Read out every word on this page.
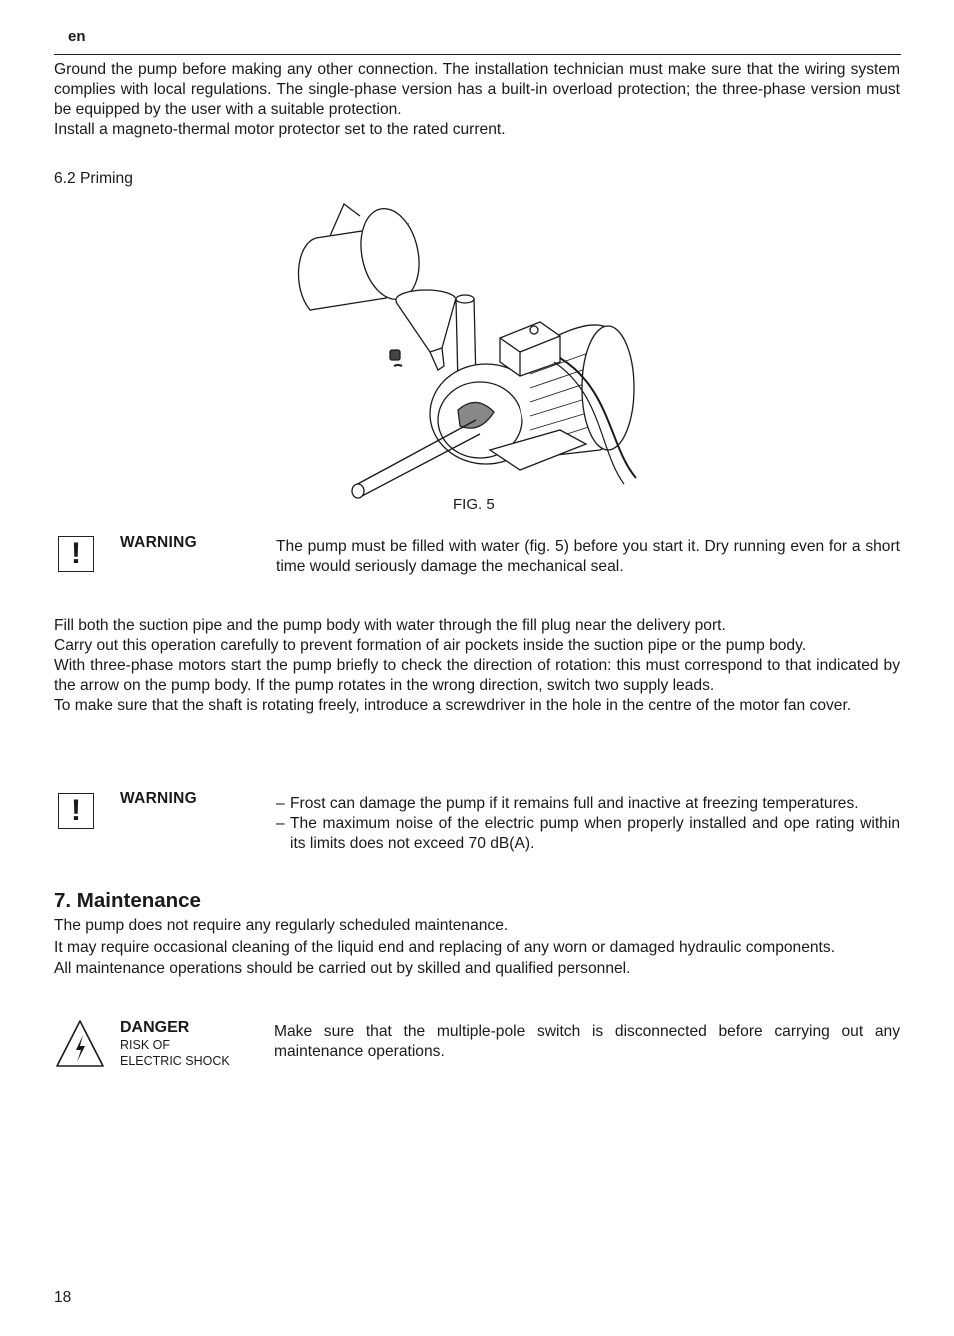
en

Ground the pump before making any other connection. The installation technician must make sure that the wiring system complies with local regulations. The single-phase version has a built-in overload protection; the three-phase version must be equipped by the user with a suitable protection.

Install a magneto-thermal motor protector set to the rated current.

6.2 Priming
FIG. 5
!	WARNING	The pump must be filled with water (fig. 5) before you start it. Dry running even for a short time would seriously damage the mechanical seal.

Fill both the suction pipe and the pump body with water through the fill plug near the delivery port.

Carry out this operation carefully to prevent formation of air pockets inside the suction pipe or the pump body.

With three-phase motors start the pump briefly to check the direction of rotation: this must correspond to that indicated by the arrow on the pump body. If the pump rotates in the wrong direction, switch two supply leads.

To make sure that the shaft is rotating freely, introduce a screwdriver in the hole in the centre of the motor fan cover.

!	WARNING	– Frost can damage the pump if it remains full and inactive at freezing temperatures.
– The maximum noise of the electric pump when properly installed and ope rating within its limits does not exceed 70 dB(A).
7. Maintenance

The pump does not require any regularly scheduled maintenance.

It may require occasional cleaning of the liquid end and replacing of any worn or damaged hydraulic components.

All maintenance operations should be carried out by skilled and qualified personnel.

DANGER
RISK OF
ELECTRIC SHOCK
Make sure that the multiple-pole switch is disconnected before carrying out any maintenance operations.
18
